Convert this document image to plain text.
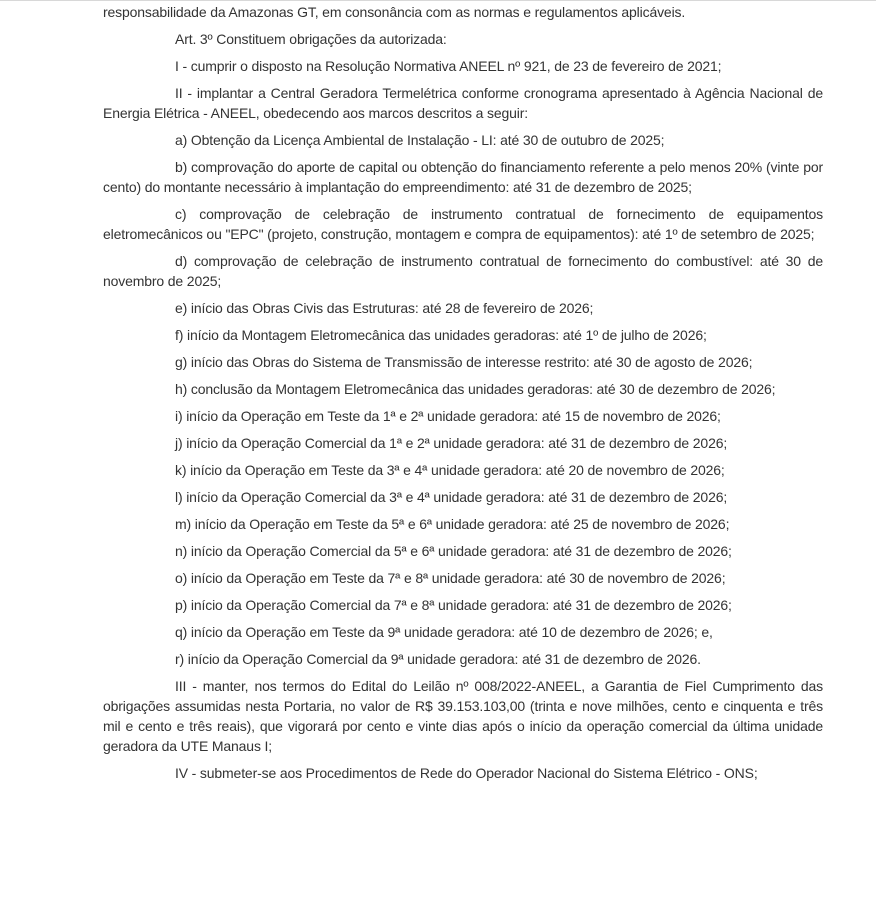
responsabilidade da Amazonas GT, em consonância com as normas e regulamentos aplicáveis.

Art. 3º Constituem obrigações da autorizada:

I - cumprir o disposto na Resolução Normativa ANEEL nº 921, de 23 de fevereiro de 2021;

II - implantar a Central Geradora Termelétrica conforme cronograma apresentado à Agência Nacional de Energia Elétrica - ANEEL, obedecendo aos marcos descritos a seguir:

a) Obtenção da Licença Ambiental de Instalação - LI: até 30 de outubro de 2025;

b) comprovação do aporte de capital ou obtenção do financiamento referente a pelo menos 20% (vinte por cento) do montante necessário à implantação do empreendimento: até 31 de dezembro de 2025;

c) comprovação de celebração de instrumento contratual de fornecimento de equipamentos eletromecânicos ou "EPC" (projeto, construção, montagem e compra de equipamentos): até 1º de setembro de 2025;

d) comprovação de celebração de instrumento contratual de fornecimento do combustível: até 30 de novembro de 2025;

e) início das Obras Civis das Estruturas: até 28 de fevereiro de 2026;

f) início da Montagem Eletromecânica das unidades geradoras: até 1º de julho de 2026;

g) início das Obras do Sistema de Transmissão de interesse restrito: até 30 de agosto de 2026;

h) conclusão da Montagem Eletromecânica das unidades geradoras: até 30 de dezembro de 2026;

i) início da Operação em Teste da 1ª e 2ª unidade geradora: até 15 de novembro de 2026;

j) início da Operação Comercial da 1ª e 2ª unidade geradora: até 31 de dezembro de 2026;

k) início da Operação em Teste da 3ª e 4ª unidade geradora: até 20 de novembro de 2026;

l) início da Operação Comercial da 3ª e 4ª unidade geradora: até 31 de dezembro de 2026;

m) início da Operação em Teste da 5ª e 6ª unidade geradora: até 25 de novembro de 2026;

n) início da Operação Comercial da 5ª e 6ª unidade geradora: até 31 de dezembro de 2026;

o) início da Operação em Teste da 7ª e 8ª unidade geradora: até 30 de novembro de 2026;

p) início da Operação Comercial da 7ª e 8ª unidade geradora: até 31 de dezembro de 2026;

q) início da Operação em Teste da 9ª unidade geradora: até 10 de dezembro de 2026; e,

r) início da Operação Comercial da 9ª unidade geradora: até 31 de dezembro de 2026.

III - manter, nos termos do Edital do Leilão nº 008/2022-ANEEL, a Garantia de Fiel Cumprimento das obrigações assumidas nesta Portaria, no valor de R$ 39.153.103,00 (trinta e nove milhões, cento e cinquenta e três mil e cento e três reais), que vigorará por cento e vinte dias após o início da operação comercial da última unidade geradora da UTE Manaus I;

IV - submeter-se aos Procedimentos de Rede do Operador Nacional do Sistema Elétrico - ONS;
